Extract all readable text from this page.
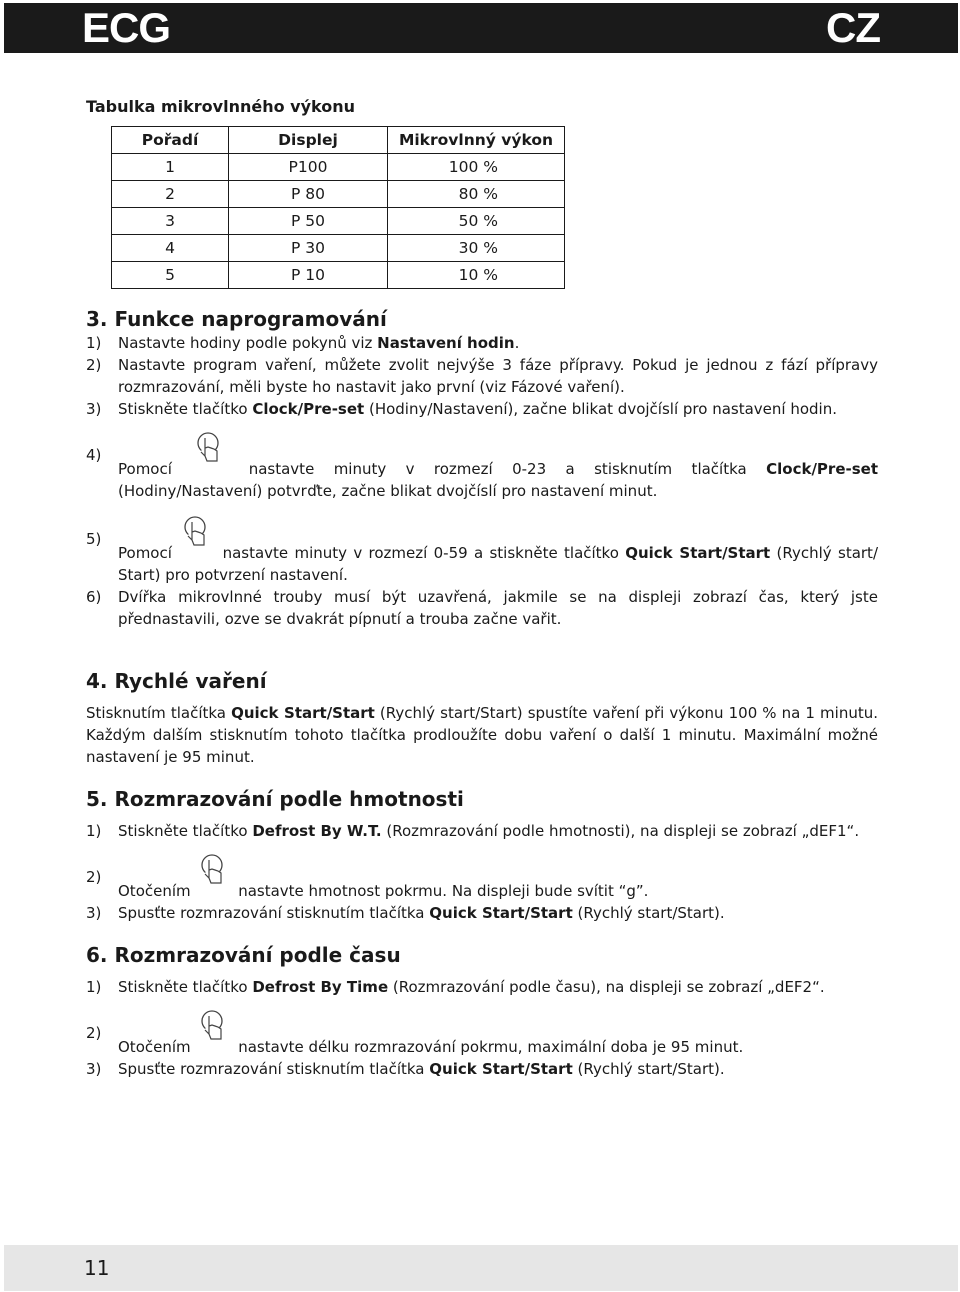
ECG	CZ
Tabulka mikrovlnného výkonu
Pořadí	Displej	Mikrovlnný výkon
1	P100	100 %
2	P 80	80 %
3	P 50	50 %
4	P 30	30 %
5	P 10	10 %
3. Funkce naprogramování
1) Nastavte hodiny podle pokynů viz Nastavení hodin.
2) Nastavte program vaření, můžete zvolit nejvýše 3 fáze přípravy. Pokud je jednou z fází přípravy rozmrazování, měli byste ho nastavit jako první (viz Fázové vaření).
3) Stiskněte tlačítko Clock/Pre-set (Hodiny/Nastavení), začne blikat dvojčíslí pro nastavení hodin.
4)
Pomocí	nastavte minuty v rozmezí 0-23 a stisknutím tlačítka Clock/Pre-set (Hodiny/Nastavení) potvrďte, začne blikat dvojčíslí pro nastavení minut.
5)
Pomocí	nastavte minuty v rozmezí 0-59 a stiskněte tlačítko Quick Start/Start (Rychlý start/ Start) pro potvrzení nastavení.
6) Dvířka mikrovlnné trouby musí být uzavřená, jakmile se na displeji zobrazí čas, který jste přednastavili, ozve se dvakrát pípnutí a trouba začne vařit.
4. Rychlé vaření
Stisknutím tlačítka Quick Start/Start (Rychlý start/Start) spustíte vaření při výkonu 100 % na 1 minutu. Každým dalším stisknutím tohoto tlačítka prodloužíte dobu vaření o další 1 minutu. Maximální možné nastavení je 95 minut.
5. Rozmrazování podle hmotnosti
1) Stiskněte tlačítko Defrost By W.T. (Rozmrazování podle hmotnosti), na displeji se zobrazí „dEF1“.
2)
Otočením	nastavte hmotnost pokrmu. Na displeji bude svítit “g”.
3) Spusťte rozmrazování stisknutím tlačítka Quick Start/Start (Rychlý start/Start).
6. Rozmrazování podle času
1) Stiskněte tlačítko Defrost By Time (Rozmrazování podle času), na displeji se zobrazí „dEF2“.
2)
Otočením	nastavte délku rozmrazování pokrmu, maximální doba je 95 minut.
3) Spusťte rozmrazování stisknutím tlačítka Quick Start/Start (Rychlý start/Start).
11
